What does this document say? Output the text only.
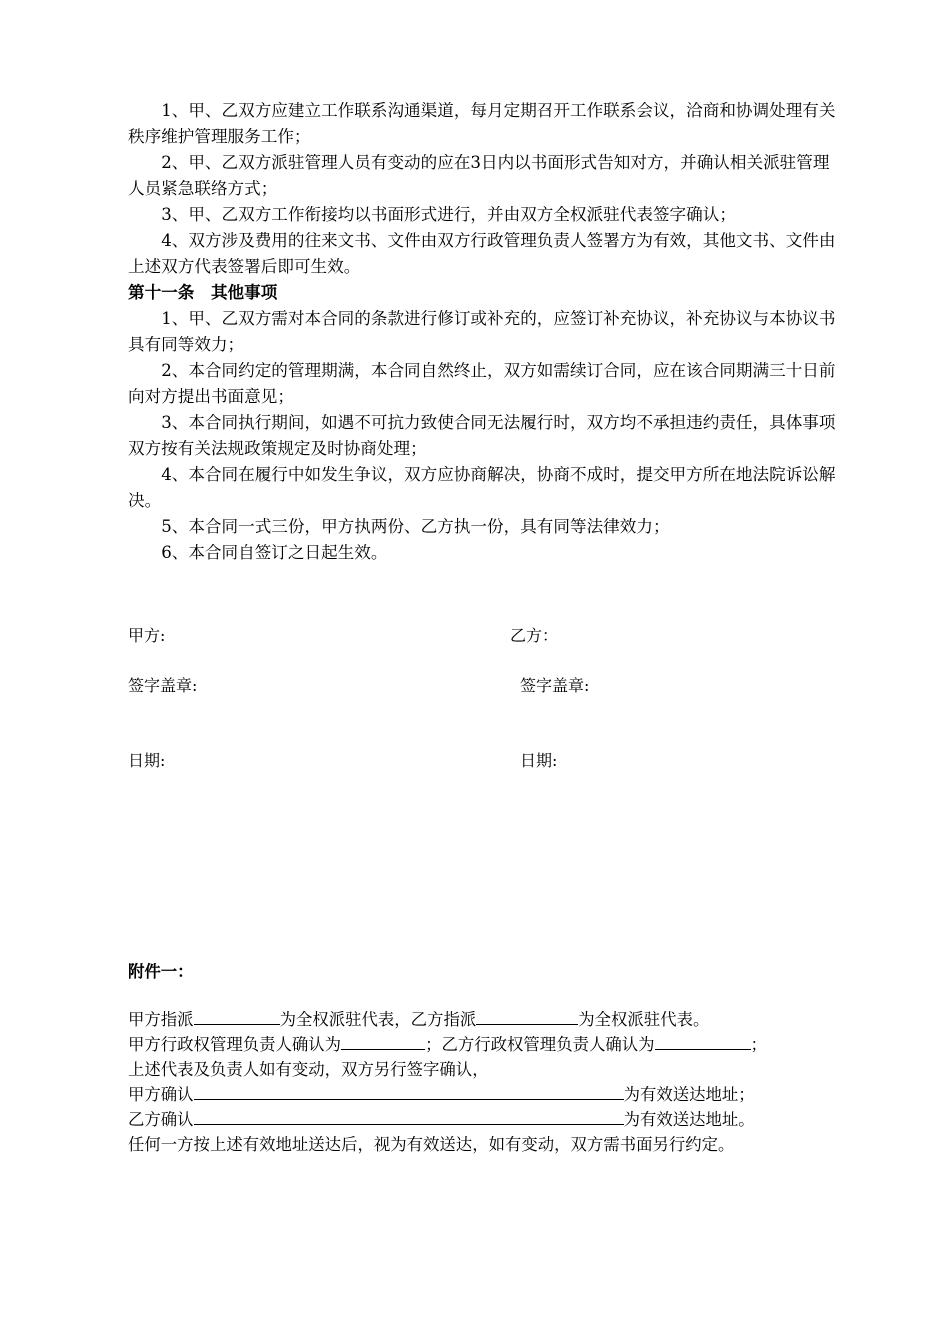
1、甲、乙双方应建立工作联系沟通渠道，每月定期召开工作联系会议，洽商和协调处理有关秩序维护管理服务工作；

2、甲、乙双方派驻管理人员有变动的应在3日内以书面形式告知对方，并确认相关派驻管理人员紧急联络方式；

3、甲、乙双方工作衔接均以书面形式进行，并由双方全权派驻代表签字确认；

4、双方涉及费用的往来文书、文件由双方行政管理负责人签署方为有效，其他文书、文件由上述双方代表签署后即可生效。

第十一条　其他事项

1、甲、乙双方需对本合同的条款进行修订或补充的，应签订补充协议，补充协议与本协议书具有同等效力；

2、本合同约定的管理期满，本合同自然终止，双方如需续订合同，应在该合同期满三十日前向对方提出书面意见；

3、本合同执行期间，如遇不可抗力致使合同无法履行时，双方均不承担违约责任，具体事项双方按有关法规政策规定及时协商处理；

4、本合同在履行中如发生争议，双方应协商解决，协商不成时，提交甲方所在地法院诉讼解决。

5、本合同一式三份，甲方执两份、乙方执一份，具有同等法律效力；

6、本合同自签订之日起生效。

甲方:	乙方：
签字盖章:	签字盖章:
日期:	日期:

附件一：

甲方指派	为全权派驻代表，乙方指派	为全权派驻代表。

甲方行政权管理负责人确认为	；乙方行政权管理负责人确认为	；

上述代表及负责人如有变动，双方另行签字确认，

甲方确认	为有效送达地址；

乙方确认	为有效送达地址。

任何一方按上述有效地址送达后，视为有效送达，如有变动，双方需书面另行约定。
